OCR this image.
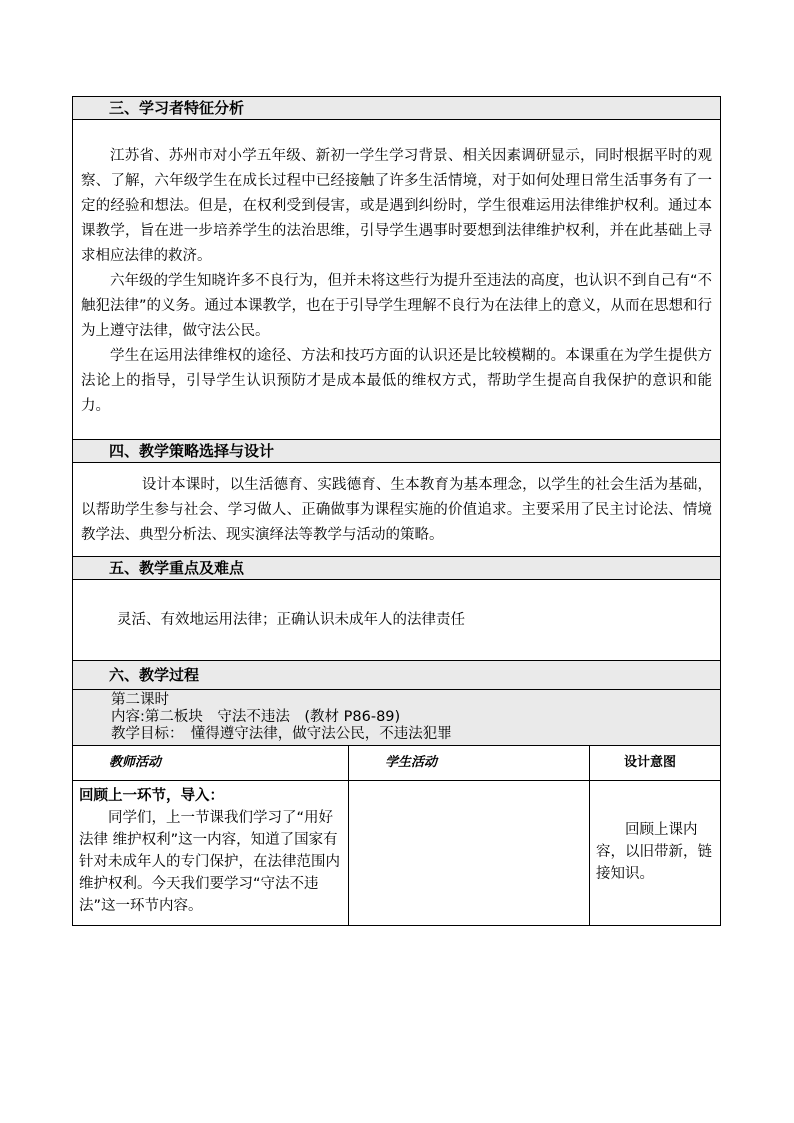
三、学习者特征分析		

江苏省、苏州市对小学五年级、新初一学生学习背景、相关因素调研显示，同时根据平时的观察、了解，六年级学生在成长过程中已经接触了许多生活情境，对于如何处理日常生活事务有了一定的经验和想法。但是，在权利受到侵害，或是遇到纠纷时，学生很难运用法律维护权利。通过本课教学，旨在进一步培养学生的法治思维，引导学生遇事时要想到法律维护权利，并在此基础上寻求相应法律的救济。

六年级的学生知晓许多不良行为，但并未将这些行为提升至违法的高度，也认识不到自己有“不触犯法律”的义务。通过本课教学，也在于引导学生理解不良行为在法律上的意义，从而在思想和行为上遵守法律，做守法公民。

学生在运用法律维权的途径、方法和技巧方面的认识还是比较模糊的。本课重在为学生提供方法论上的指导，引导学生认识预防才是成本最低的维权方式，帮助学生提高自我保护的意识和能力。		

四、教学策略选择与设计		

设计本课时，以生活德育、实践德育、生本教育为基本理念，以学生的社会生活为基础，以帮助学生参与社会、学习做人、正确做事为课程实施的价值追求。主要采用了民主讨论法、情境教学法、典型分析法、现实演绎法等教学与活动的策略。		

五、教学重点及难点		

灵活、有效地运用法律；正确认识未成年人的法律责任		

六、教学过程		

第二课时
内容:第二板块　守法不违法　(教材 P86-89)
教学目标：　懂得遵守法律，做守法公民，不违法犯罪		

教师活动	学生活动	设计意图

回顾上一环节，导入：

同学们，上一节课我们学习了“用好法律 维护权利”这一内容，知道了国家有针对未成年人的专门保护，在法律范围内维护权利。今天我们要学习“守法不违法”这一环节内容。		回顾上课内容，以旧带新，链接知识。
